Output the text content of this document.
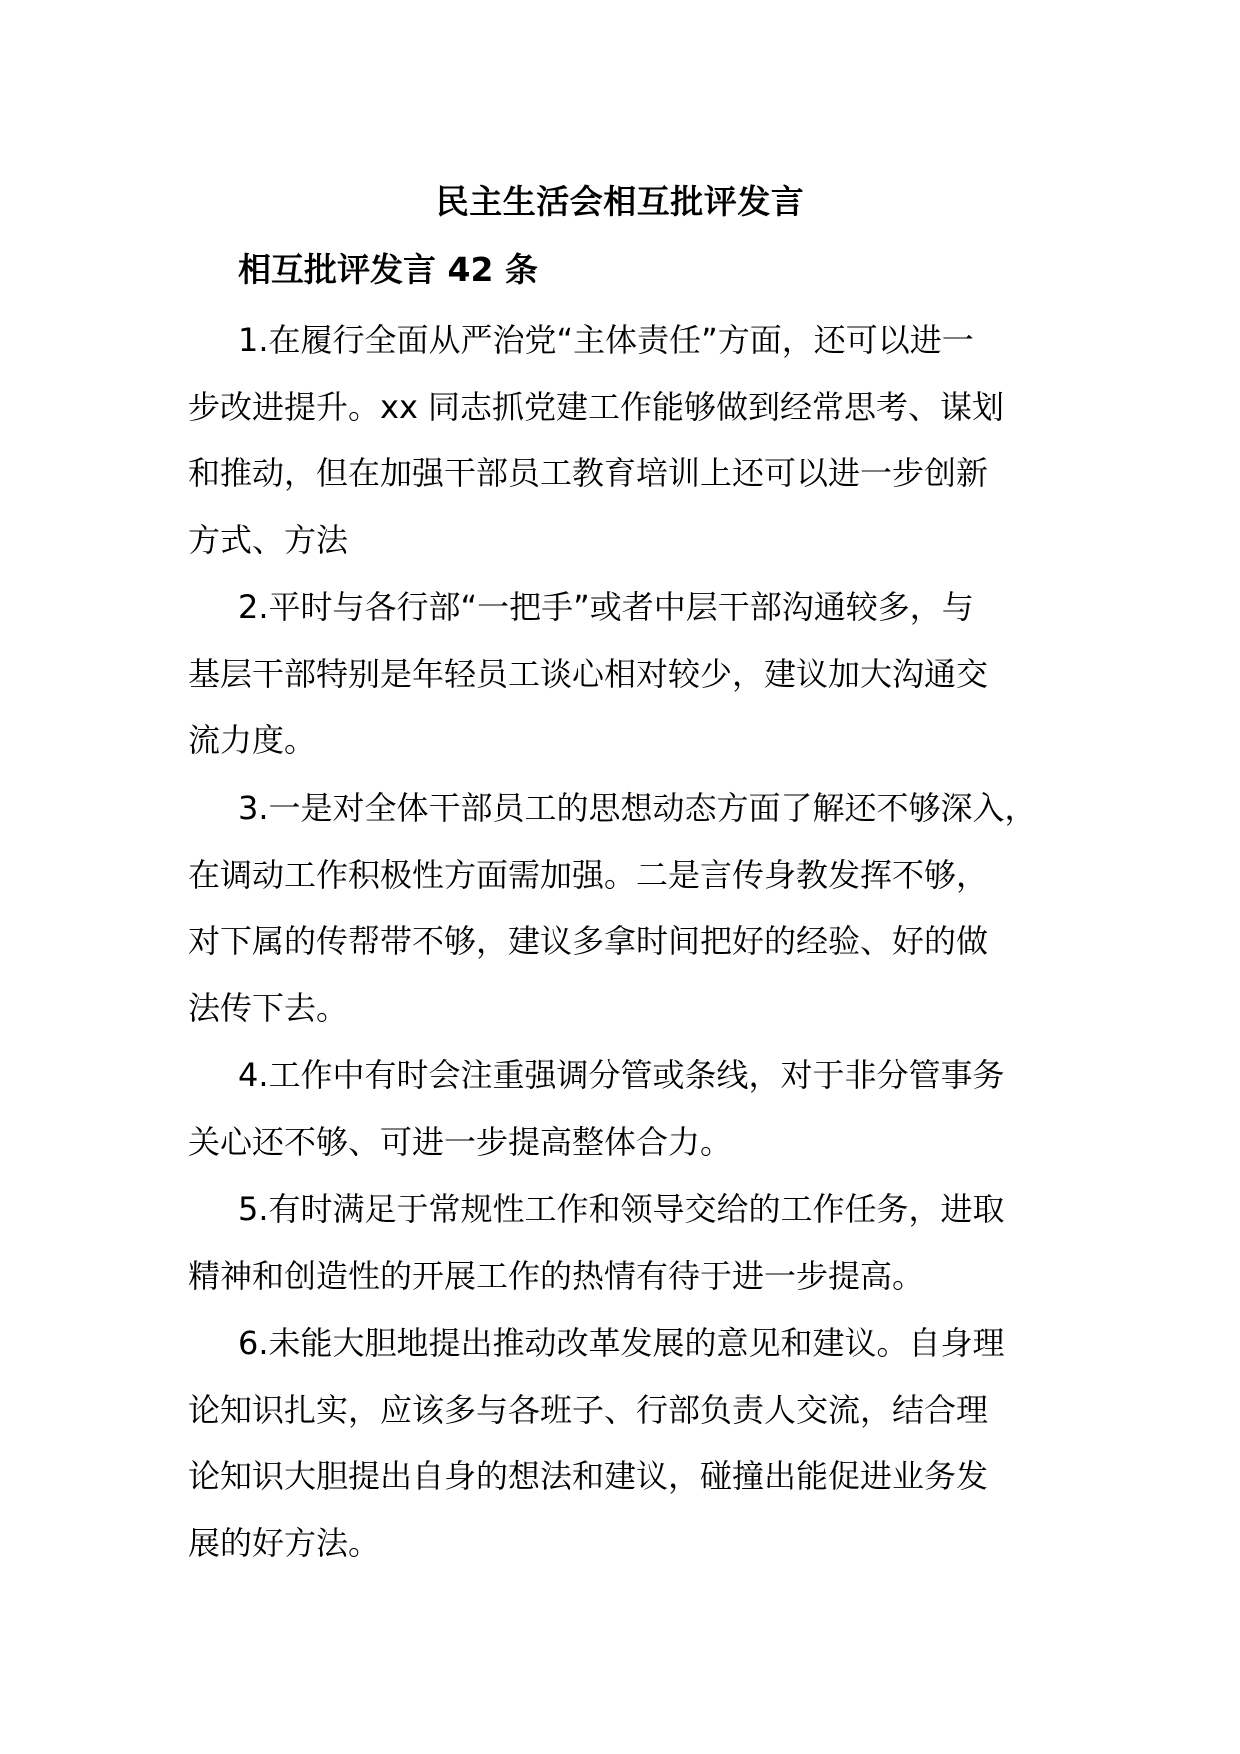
民主生活会相互批评发言
相互批评发言 42 条

1.在履行全面从严治党“主体责任”方面，还可以进一
步改进提升。xx 同志抓党建工作能够做到经常思考、谋划
和推动，但在加强干部员工教育培训上还可以进一步创新
方式、方法

2.平时与各行部“一把手”或者中层干部沟通较多，与
基层干部特别是年轻员工谈心相对较少，建议加大沟通交
流力度。

3.一是对全体干部员工的思想动态方面了解还不够深入，
在调动工作积极性方面需加强。二是言传身教发挥不够，
对下属的传帮带不够，建议多拿时间把好的经验、好的做
法传下去。

4.工作中有时会注重强调分管或条线，对于非分管事务
关心还不够、可进一步提高整体合力。

5.有时满足于常规性工作和领导交给的工作任务，进取
精神和创造性的开展工作的热情有待于进一步提高。

6.未能大胆地提出推动改革发展的意见和建议。自身理
论知识扎实，应该多与各班子、行部负责人交流，结合理
论知识大胆提出自身的想法和建议，碰撞出能促进业务发
展的好方法。
